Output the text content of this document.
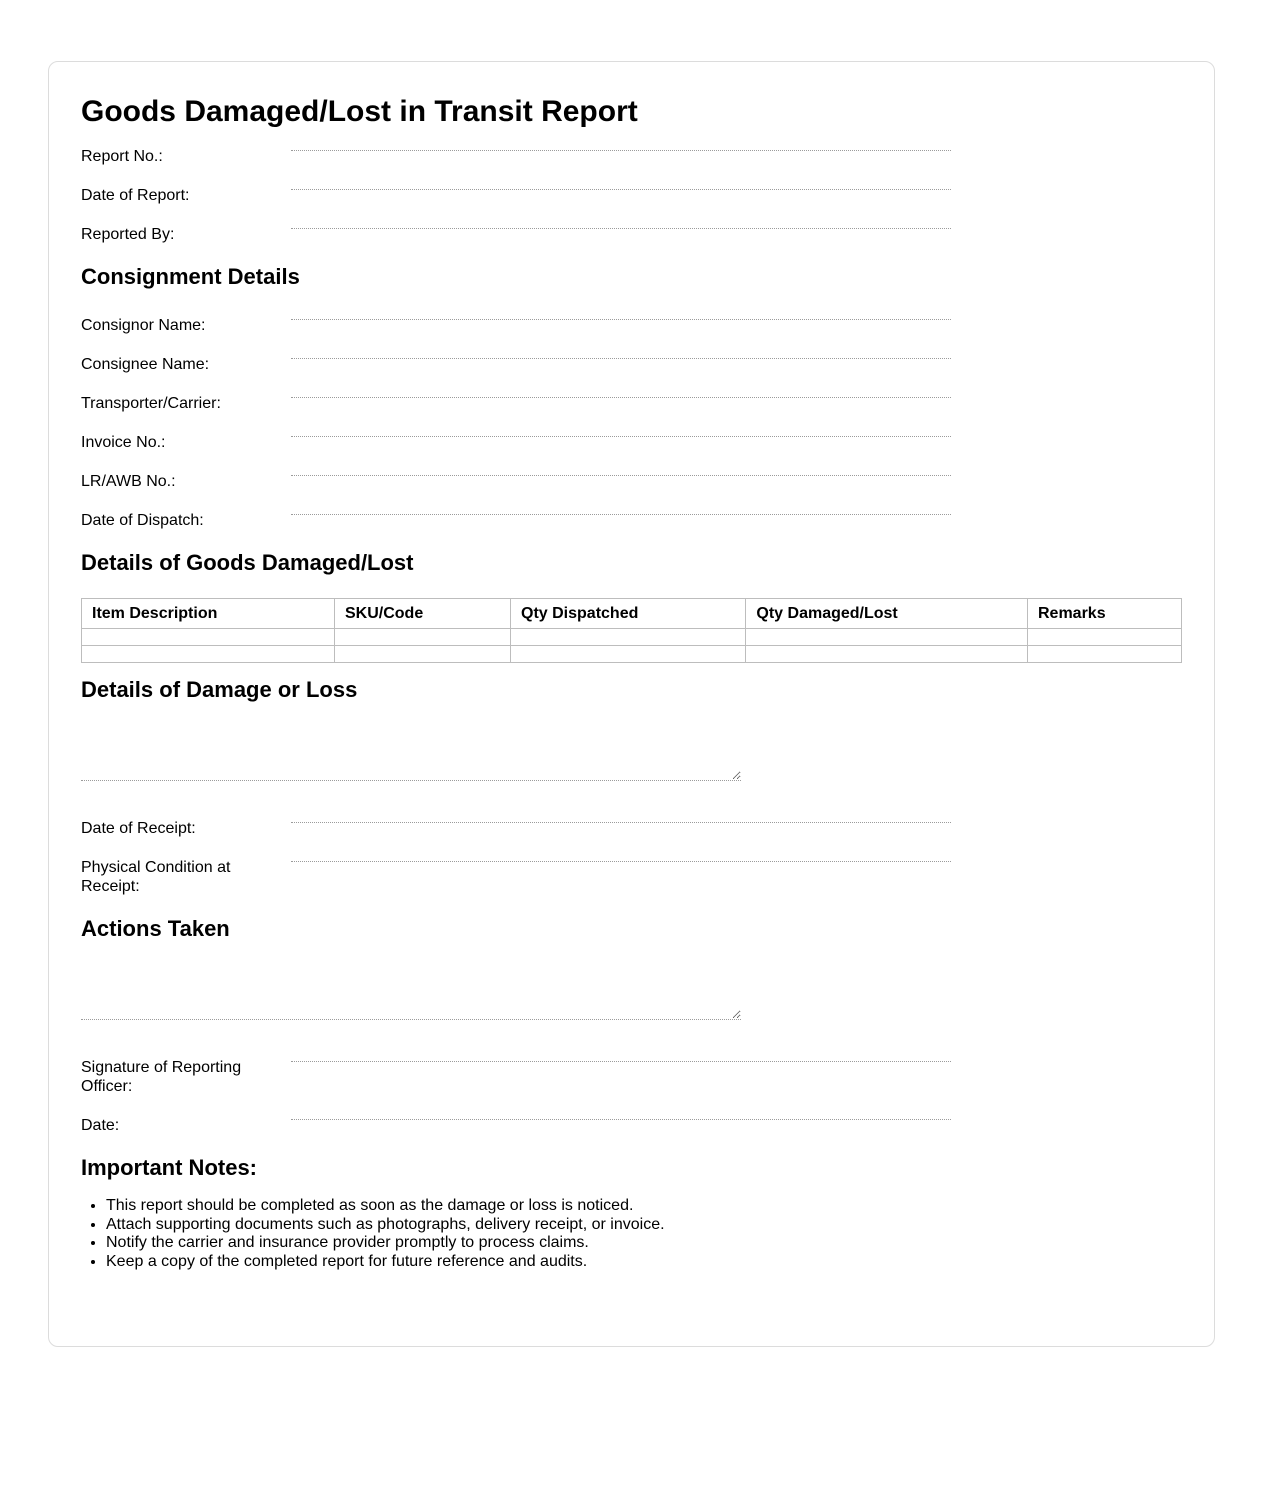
Goods Damaged/Lost in Transit Report
Report No.:
Date of Report:
Reported By:
Consignment Details
Consignor Name:
Consignee Name:
Transporter/Carrier:
Invoice No.:
LR/AWB No.:
Date of Dispatch:
Details of Goods Damaged/Lost
Item Description	SKU/Code	Qty Dispatched	Qty Damaged/Lost	Remarks

Details of Damage or Loss
Date of Receipt:
Physical Condition at Receipt:
Actions Taken
Signature of Reporting Officer:
Date:
Important Notes:
• This report should be completed as soon as the damage or loss is noticed.
• Attach supporting documents such as photographs, delivery receipt, or invoice.
• Notify the carrier and insurance provider promptly to process claims.
• Keep a copy of the completed report for future reference and audits.
